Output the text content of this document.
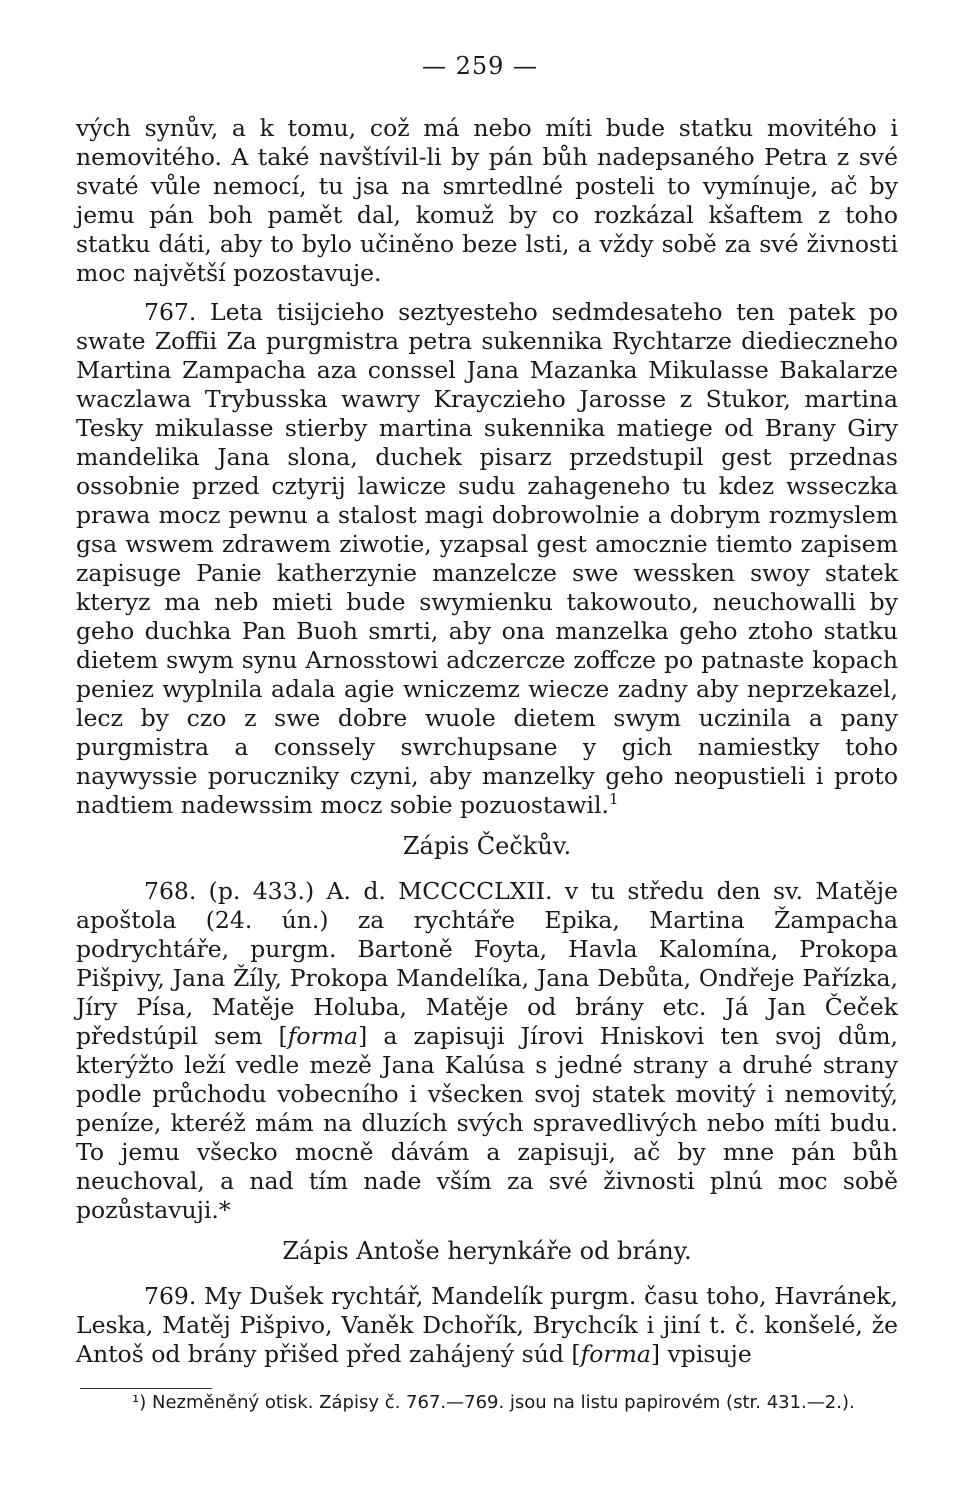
— 259 —

vých synův, a k tomu, což má nebo míti bude statku movitého i nemovitého. A také navštívil-li by pán bůh nadepsaného Petra z své svaté vůle nemocí, tu jsa na smrtedlné posteli to vymínuje, ač by jemu pán boh pamět dal, komuž by co rozkázal kšaftem z toho statku dáti, aby to bylo učiněno beze lsti, a vždy sobě za své živnosti moc najvětší pozostavuje.

767. Leta tisijcieho seztyesteho sedmdesateho ten patek po swate Zoffii Za purgmistra petra sukennika Rychtarze diedieczneho Martina Zampacha aza conssel Jana Mazanka Mikulasse Bakalarze waczlawa Trybusska wawry Kraycziеho Jarosse z Stukor, martina Tesky mikulasse stierby martina sukennika matiege od Brany Giry mandelika Jana slona, duchek pisarz przedstupil gest przednas ossobnie przed cztyrij lawicze sudu zahageneho tu kdez wsseczka prawa mocz pewnu a stalost magi dobrowolnie a dobrym rozmyslem gsa wswem zdrawem ziwotie, yzapsal gest amocznie tiemto zapisem zapisuge Panie katherzynie manzelcze swe wessken swoy statek kteryz ma neb mieti bude swymienku takowouto, neuchowalli by geho duchka Pan Buoh smrti, aby ona manzelka geho ztoho statku dietem swym synu Arnosstowi adczercze zoffcze po patnaste kopach peniez wyplnila adala agie wniczemz wiecze zadny aby neprzekazel, lecz by czo z swe dobre wuole dietem swym uczinila a pany purgmistra a conssely swrchupsane y gich namiestky toho naywyssie porucznіky czyni, aby manzelky geho neopustieli i proto nadtiem nadewssim mocz sobie pozuostawil.$^1$

Zápis Čečkův.

768. (p. 433.) A. d. MCCCCLXII. v tu středu den sv. Matěje apoštola (24. ún.) za rychtáře Epika, Martina Žampacha podrychtáře, purgm. Bartoně Foyta, Havla Kalomína, Prokopa Pišpivy, Jana Žíly, Prokopa Mandelíka, Jana Debůta, Ondřeje Pařízka, Jíry Písa, Matěje Holuba, Matěje od brány etc. Já Jan Čeček předstúpil sem [forma] a zapisuji Jírovi Hniskovi ten svoj dům, kterýžto leží vedle mezě Jana Kalúsa s jedné strany a druhé strany podle průchodu vobecního i všecken svoj statek movitý i nemovitý, peníze, kteréž mám na dluzích svých spravedlivých nebo míti budu. To jemu všecko mocně dávám a zapisuji, ač by mne pán bůh neuchoval, a nad tím nade vším za své živnosti plnú moc sobě pozůstavuji.*

Zápis Antoše herynkáře od brány.

769. My Dušek rychtář, Mandelík purgm. času toho, Havránek, Leska, Matěj Pišpivo, Vaněk Dchořík, Brychcík i jiní t. č. konšelé, že Antoš od brány přišed před zahájený súd [forma] vpisuje

¹) Nezměněný otisk. Zápisy č. 767.—769. jsou na listu papirovém (str. 431.—2.).
